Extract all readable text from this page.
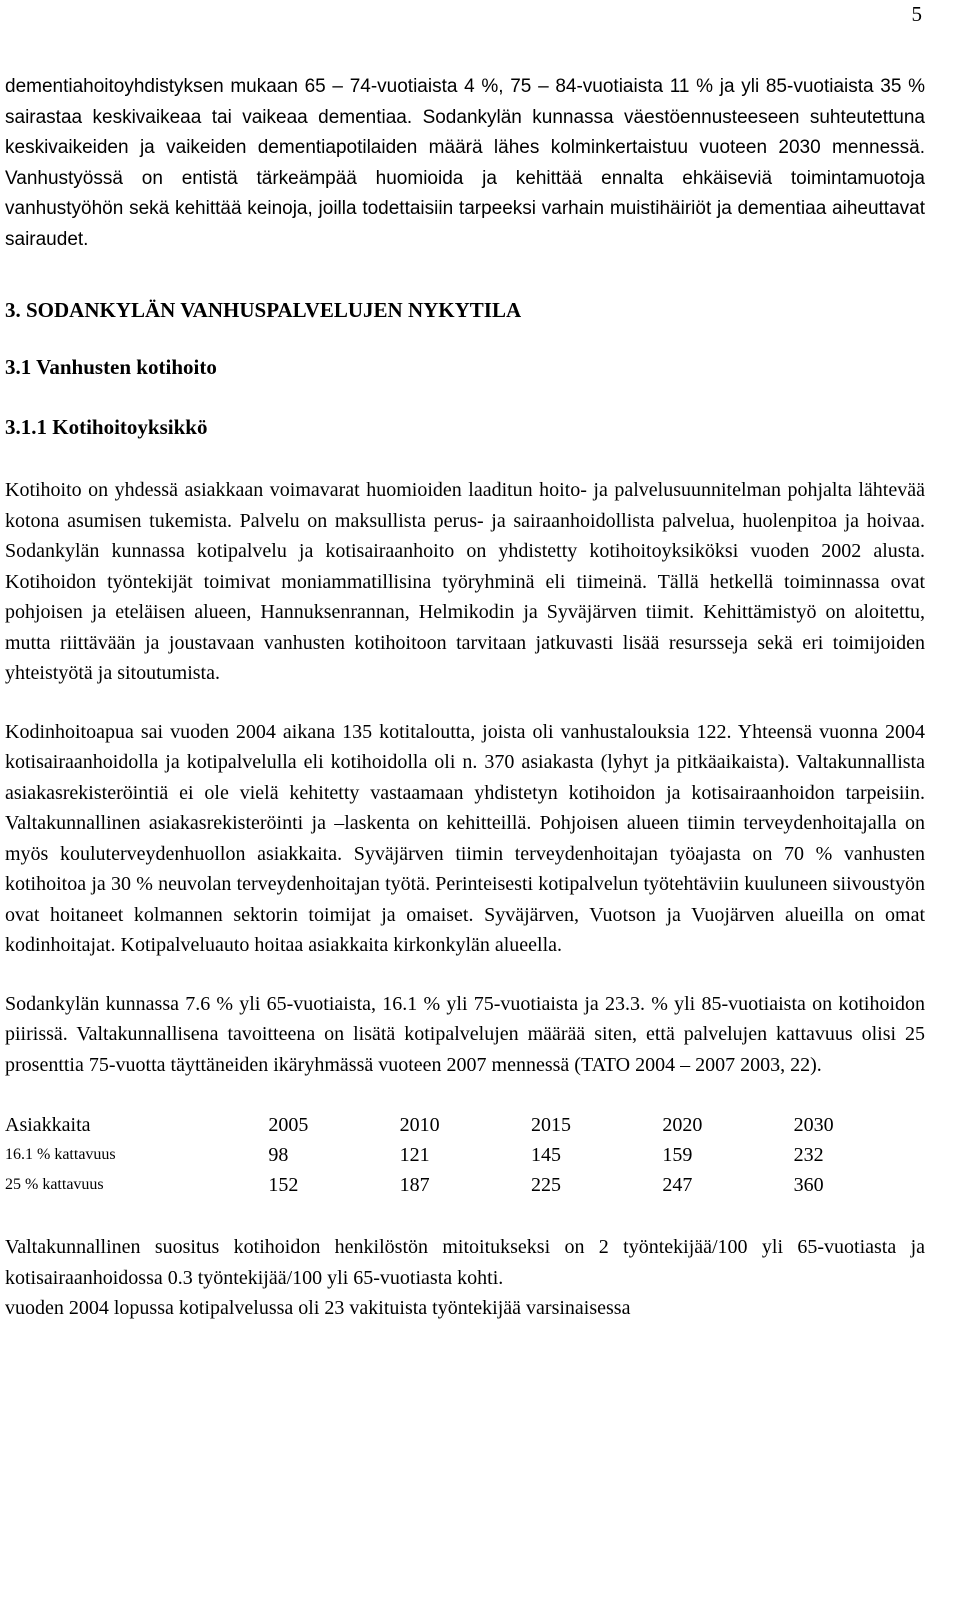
5

dementiahoitoyhdistyksen mukaan 65 – 74-vuotiaista 4 %, 75 – 84-vuotiaista 11 % ja yli 85-vuotiaista 35 % sairastaa keskivaikeaa tai vaikeaa dementiaa. Sodankylän kunnassa väestöennusteeseen suhteutettuna keskivaikeiden ja vaikeiden dementiapotilaiden määrä lähes kolminkertaistuu vuoteen 2030 mennessä. Vanhustyössä on entistä tärkeämpää huomioida ja kehittää ennalta ehkäiseviä toimintamuotoja vanhustyöhön sekä kehittää keinoja, joilla todettaisiin tarpeeksi varhain muistihäiriöt ja dementiaa aiheuttavat sairaudet.

3. SODANKYLÄN VANHUSPALVELUJEN NYKYTILA
3.1 Vanhusten kotihoito
3.1.1 Kotihoitoyksikkö

Kotihoito on yhdessä asiakkaan voimavarat huomioiden laaditun hoito- ja palvelusuunnitelman pohjalta lähtevää kotona asumisen tukemista. Palvelu on maksullista perus- ja sairaanhoidollista palvelua, huolenpitoa ja hoivaa. Sodankylän kunnassa kotipalvelu ja kotisairaanhoito on yhdistetty kotihoitoyksiköksi vuoden 2002 alusta. Kotihoidon työntekijät toimivat moniammatillisina työryhminä eli tiimeinä. Tällä hetkellä toiminnassa ovat pohjoisen ja eteläisen alueen, Hannuksenrannan, Helmikodin ja Syväjärven tiimit. Kehittämistyö on aloitettu, mutta riittävään ja joustavaan vanhusten kotihoitoon tarvitaan jatkuvasti lisää resursseja sekä eri toimijoiden yhteistyötä ja sitoutumista.

Kodinhoitoapua sai vuoden 2004 aikana 135 kotitaloutta, joista oli vanhustalouksia 122. Yhteensä vuonna 2004 kotisairaanhoidolla ja kotipalvelulla eli kotihoidolla oli n. 370 asiakasta (lyhyt ja pitkäaikaista). Valtakunnallista asiakasrekisteröintiä ei ole vielä kehitetty vastaamaan yhdistetyn kotihoidon ja kotisairaanhoidon tarpeisiin. Valtakunnallinen asiakasrekisteröinti ja –laskenta on kehitteillä. Pohjoisen alueen tiimin terveydenhoitajalla on myös kouluterveydenhuollon asiakkaita. Syväjärven tiimin terveydenhoitajan työajasta on 70 % vanhusten kotihoitoa ja 30 % neuvolan terveydenhoitajan työtä. Perinteisesti kotipalvelun työtehtäviin kuuluneen siivoustyön ovat hoitaneet kolmannen sektorin toimijat ja omaiset. Syväjärven, Vuotson ja Vuojärven alueilla on omat kodinhoitajat. Kotipalveluauto hoitaa asiakkaita kirkonkylän alueella.

Sodankylän kunnassa 7.6 % yli 65-vuotiaista, 16.1 % yli 75-vuotiaista ja 23.3. % yli 85-vuotiaista on kotihoidon piirissä. Valtakunnallisena tavoitteena on lisätä kotipalvelujen määrää siten, että palvelujen kattavuus olisi 25 prosenttia 75-vuotta täyttäneiden ikäryhmässä vuoteen 2007 mennessä (TATO 2004 – 2007 2003, 22).

Asiakkaita	2005	2010	2015	2020	2030
16.1 % kattavuus	98	121	145	159	232
25 % kattavuus	152	187	225	247	360

Valtakunnallinen suositus kotihoidon henkilöstön mitoitukseksi on 2 työntekijää/100 yli 65-vuotiasta ja kotisairaanhoidossa 0.3 työntekijää/100 yli 65-vuotiasta kohti.

vuoden 2004 lopussa kotipalvelussa oli 23 vakituista työntekijää varsinaisessa
